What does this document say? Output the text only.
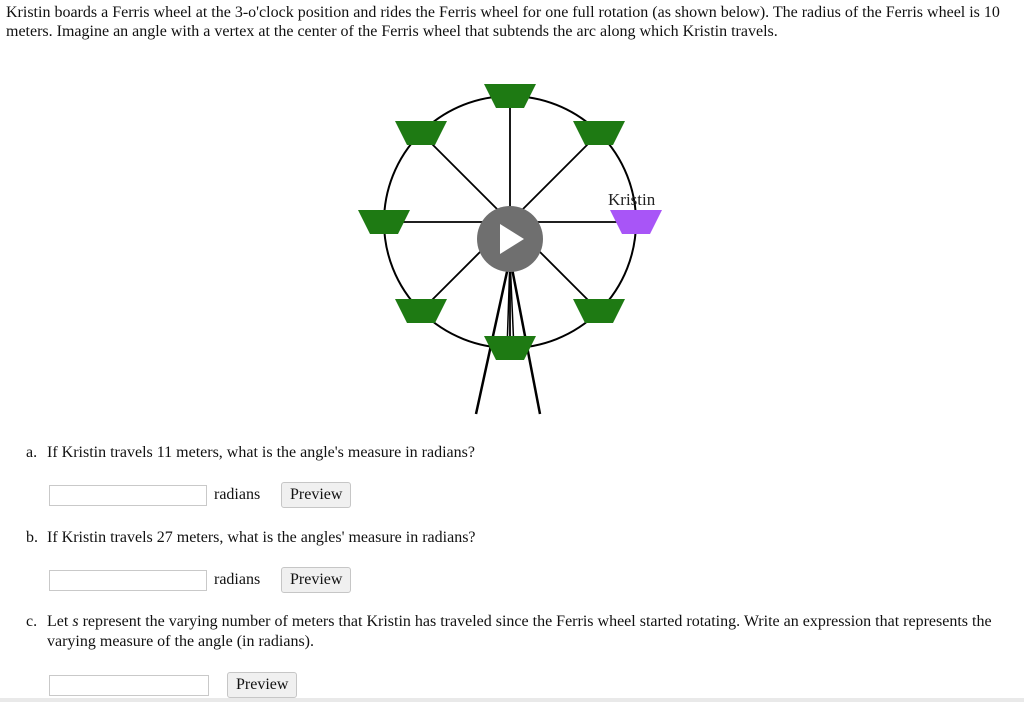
Kristin boards a Ferris wheel at the 3-o'clock position and rides the Ferris wheel for one full rotation (as shown below). The radius of the Ferris wheel is 10 meters. Imagine an angle with a vertex at the center of the Ferris wheel that subtends the arc along which Kristin travels.

Kristin

a. If Kristin travels 11 meters, what is the angle's measure in radians?

radians	Preview

b. If Kristin travels 27 meters, what is the angles' measure in radians?

radians	Preview
c. Let s represent the varying number of meters that Kristin has traveled since the Ferris wheel started rotating. Write an expression that represents the varying measure of the angle (in radians).
Preview
